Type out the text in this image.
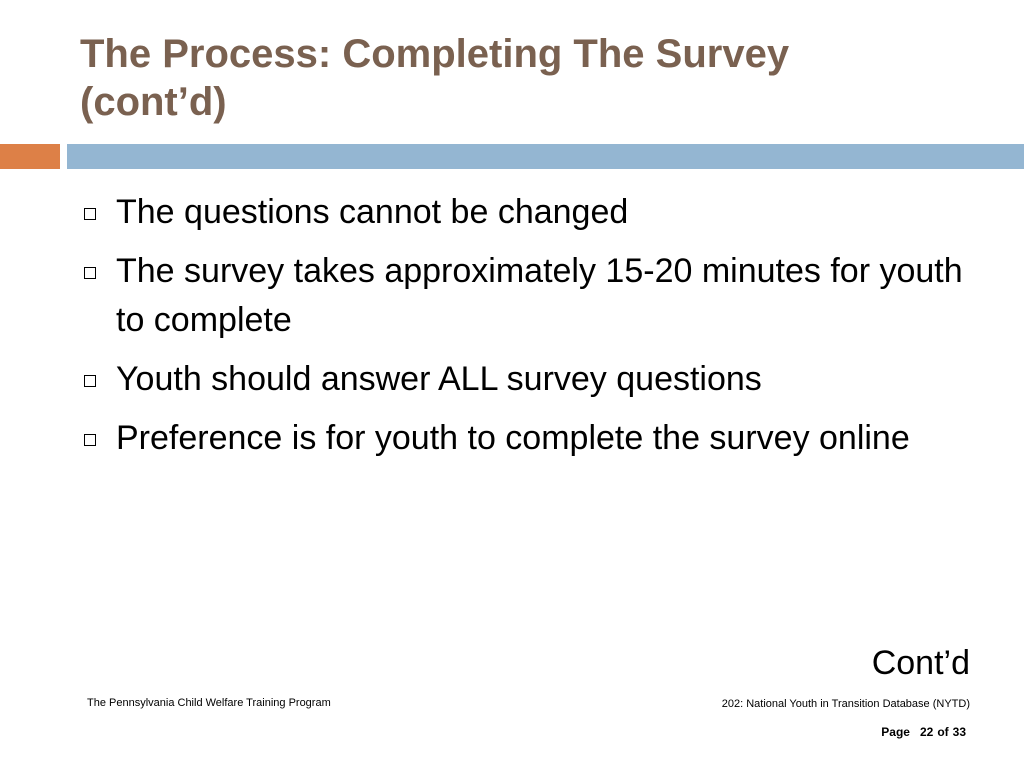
The Process: Completing The Survey
(cont’d)
The questions cannot be changed
The survey takes approximately 15-20 minutes for youth to complete
Youth should answer ALL survey questions
Preference is for youth to complete the survey online
Cont’d
The Pennsylvania Child Welfare Training Program	202: National Youth in Transition Database (NYTD)
Page 22 of 33
